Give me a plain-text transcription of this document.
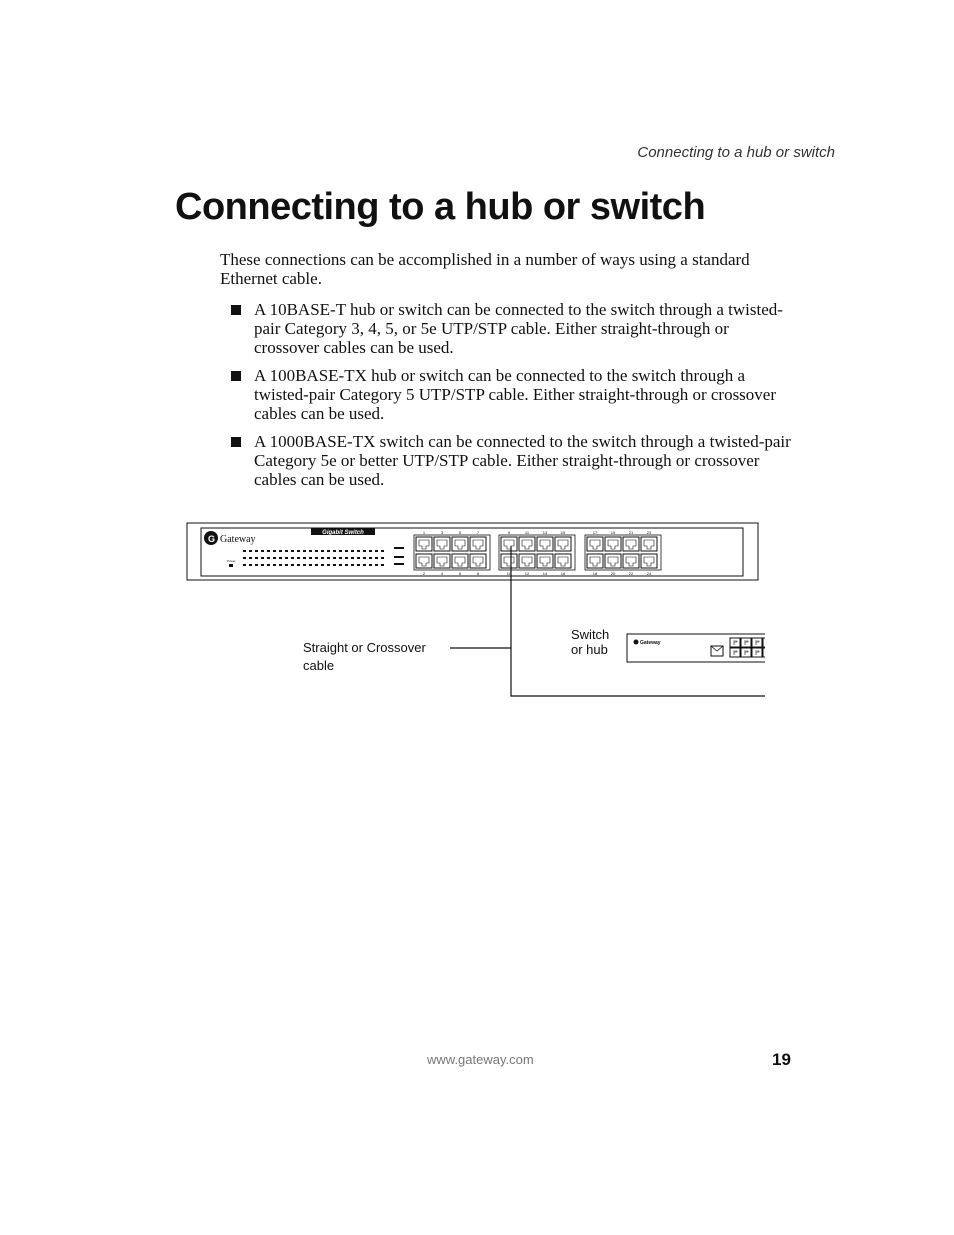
Connecting to a hub or switch
Connecting to a hub or switch

These connections can be accomplished in a number of ways using a standard Ethernet cable.

A 10BASE-T hub or switch can be connected to the switch through a twisted-pair Category 3, 4, 5, or 5e UTP/STP cable. Either straight-through or crossover cables can be used.
A 100BASE-TX hub or switch can be connected to the switch through a twisted-pair Category 5 UTP/STP cable. Either straight-through or crossover cables can be used.
A 1000BASE-TX switch can be connected to the switch through a twisted-pair Category 5e or better UTP/STP cable. Either straight-through or crossover cables can be used.
G Gateway
Gigabit Switch
Power
1	3	5	7	9	11	13	15	17	19	21	23
2	4	6	8	10	12	14	16	18	20	22	24
Straight or Crossover
cable
Switch
or hub	Gateway
www.gateway.com	19
